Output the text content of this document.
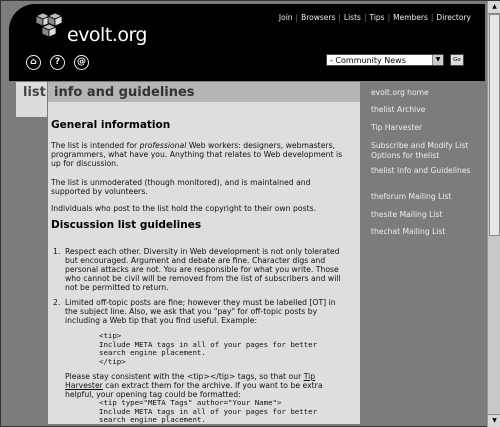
evolt.org
Join | Browsers | Lists | Tips | Members | Directory
⌂	?	@	- Community News	▼	Go
list info and guidelines
General information

The list is intended for professional Web workers: designers, webmasters, programmers, what have you. Anything that relates to Web development is up for discussion.

The list is unmoderated (though monitored), and is maintained and supported by volunteers.

Individuals who post to the list hold the copyright to their own posts.

Discussion list guidelines
1. Respect each other. Diversity in Web development is not only tolerated but encouraged. Argument and debate are fine. Character digs and personal attacks are not. You are responsible for what you write. Those who cannot be civil will be removed from the list of subscribers and will not be permitted to return.
2. Limited off-topic posts are fine; however they must be labelled [OT] in the subject line. Also, we ask that you "pay" for off-topic posts by including a Web tip that you find useful. Example:
<tip>
Include META tags in all of your pages for better
search engine placement.
</tip>
Please stay consistent with the <tip></tip> tags, so that our Tip Harvester can extract them for the archive. If you want to be extra helpful, your opening tag could be formatted:
<tip type="META Tags" author="Your Name">
Include META tags in all of your pages for better
search engine placement.
evolt.org home
thelist Archive
Tip Harvester
Subscribe and Modify List Options for thelist
thelist Info and Guidelines
theforum Mailing List
thesite Mailing List
thechat Mailing List
▲
▼
